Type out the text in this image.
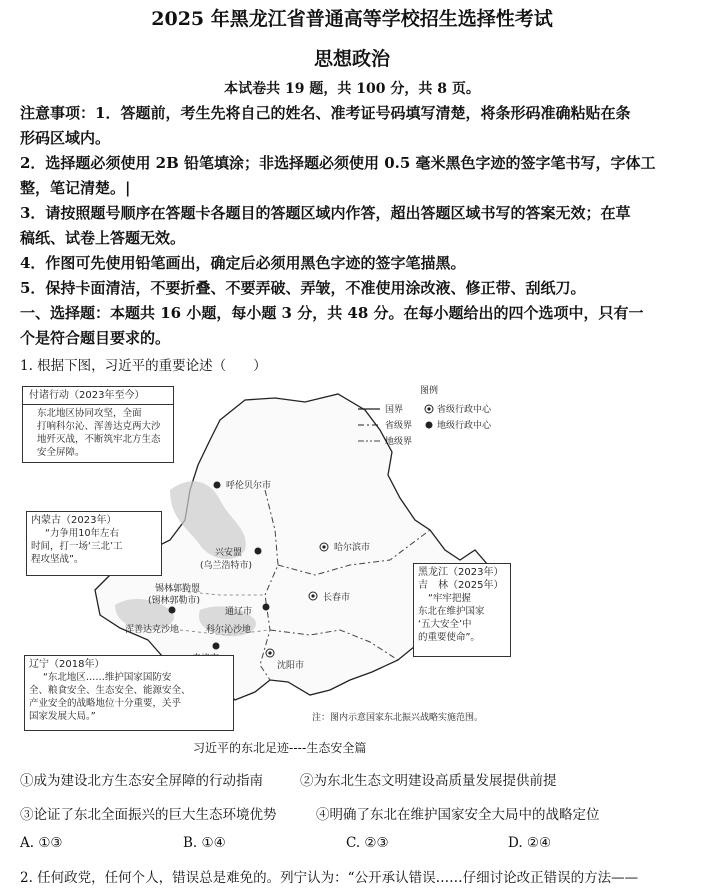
2025 年黑龙江省普通高等学校招生选择性考试
思想政治
本试卷共 19 题，共 100 分，共 8 页。
注意事项：1．答题前，考生先将自己的姓名、准考证号码填写清楚，将条形码准确粘贴在条
形码区域内。
2．选择题必须使用 2B 铅笔填涂；非选择题必须使用 0.5 毫米黑色字迹的签字笔书写，字体工
整，笔记清楚。|
3．请按照题号顺序在答题卡各题目的答题区域内作答，超出答题区域书写的答案无效；在草
稿纸、试卷上答题无效。
4．作图可先使用铅笔画出，确定后必须用黑色字迹的签字笔描黑。
5．保持卡面清洁，不要折叠、不要弄破、弄皱，不准使用涂改液、修正带、刮纸刀。
一、选择题：本题共 16 小题，每小题 3 分，共 48 分。在每小题给出的四个选项中，只有一
个是符合题目要求的。
1. 根据下图，习近平的重要论述（　　）
图例
国界	省级行政中心
省级界	地级行政中心
地级界
呼伦贝尔市
哈尔滨市
兴安盟
(乌兰浩特市)
锡林郭勒盟
(锡林郭勒市)	长春市
通辽市
浑善达克沙地	科尔沁沙地
沈阳市
注：图内示意国家东北振兴战略实施范围。
付诸行动（2023年至今）
东北地区协同攻坚，全面
打响科尔沁、浑善达克两大沙
地歼灭战，不断筑牢北方生态
安全屏障。
内蒙古（2023年）
“力争用10年左右
时间，打一场‘三北’工
程攻坚战”。
黑龙江（2023年）
吉　林（2025年）
“牢牢把握
东北在维护国家
‘五大安全’中
的重要使命”。
辽宁（2018年）
“东北地区……维护国家国防安
全、粮食安全、生态安全、能源安全、
产业安全的战略地位十分重要，关乎
国家发展大局。”
习近平的东北足迹----生态安全篇
①成为建设北方生态安全屏障的行动指南	②为东北生态文明建设高质量发展提供前提
③论证了东北全面振兴的巨大生态环境优势	④明确了东北在维护国家安全大局中的战略定位
A. ①③	B. ①④	C. ②③	D. ②④
2. 任何政党，任何个人，错误总是难免的。列宁认为：“公开承认错误……仔细讨论改正错误的方法——
